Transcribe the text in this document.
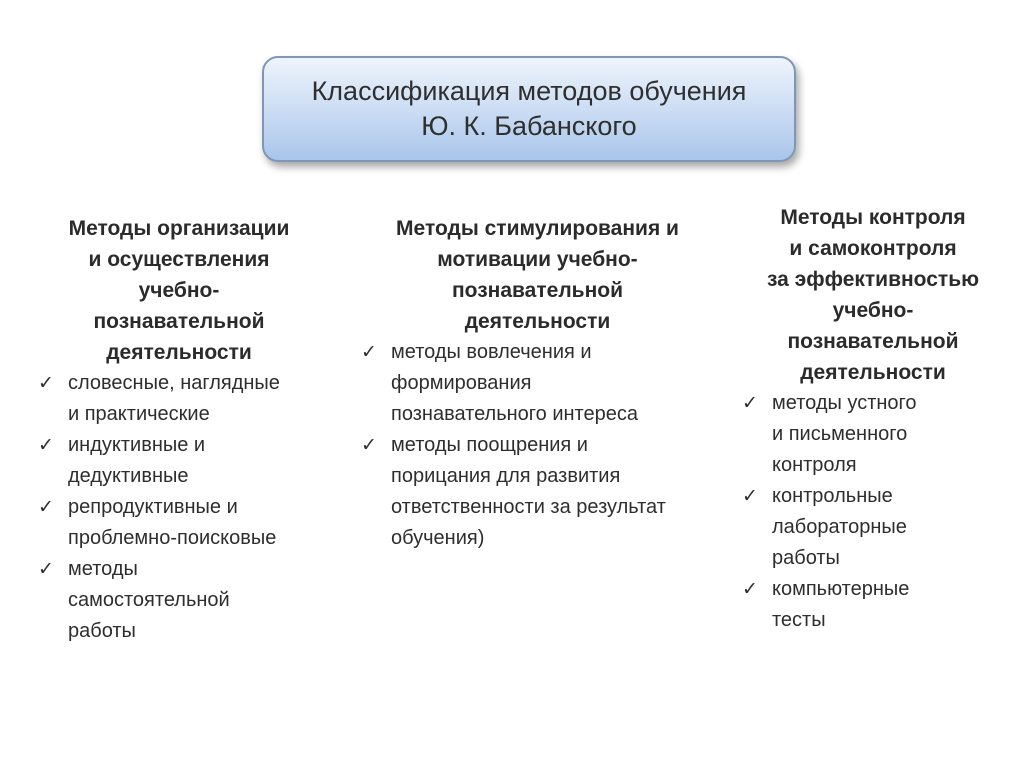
Классификация методов обучения
Ю. К. Бабанского
Методы организации
и осуществления
учебно-
познавательной
деятельности
✓ словесные, наглядные
и практические
✓ индуктивные и
дедуктивные
✓ репродуктивные и
проблемно-поисковые
✓ методы
самостоятельной
работы
Методы стимулирования и
мотивации учебно-
познавательной
деятельности
✓ методы вовлечения и
формирования
познавательного интереса
✓ методы поощрения и
порицания для развития
ответственности за результат
обучения)
Методы контроля
и самоконтроля
за эффективностью
учебно-
познавательной
деятельности
✓ методы устного
и письменного
контроля
✓ контрольные
лабораторные
работы
✓ компьютерные
тесты
